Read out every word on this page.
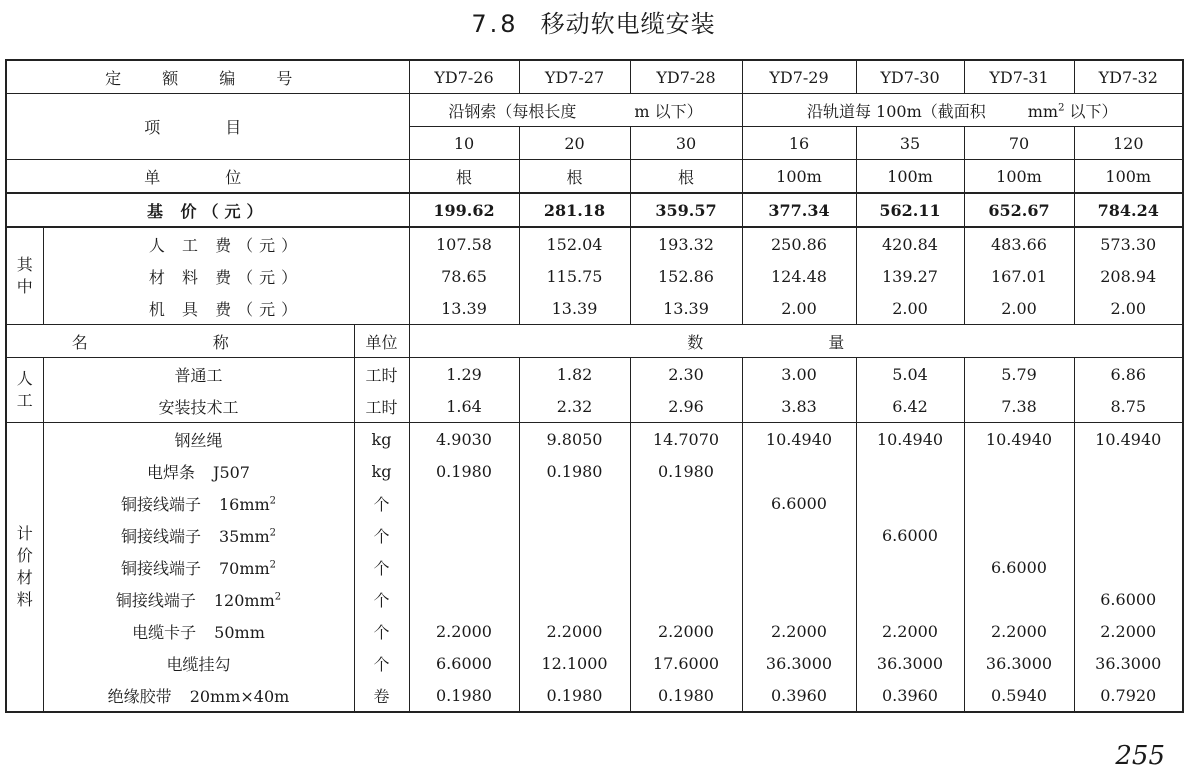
7.8 移动软电缆安装
定 额 编 号			YD7-26	YD7-27	YD7-28	YD7-29	YD7-30	YD7-31	YD7-32
项 目			沿钢索（每根长度 m 以下）			沿轨道每 100m（截面积 $mm^2$ 以下）			
			10	20	30	16	35	70	120
单 位			根	根	根	100m	100m	100m	100m
基 价（元）			199.62	281.18	359.57	377.34	562.11	652.67	784.24

其
中	人 工 费（元）		107.58	152.04	193.32	250.86	420.84	483.66	573.30
	材 料 费（元）		78.65	115.75	152.86	124.48	139.27	167.01	208.94
	机 具 费（元）		13.39	13.39	13.39	2.00	2.00	2.00	2.00
名 称		单位	数 量						

人
工	普通工	工时	1.29	1.82	2.30	3.00	5.04	5.79	6.86
	安装技术工	工时	1.64	2.32	2.96	3.83	6.42	7.38	8.75

计
价
材
料	钢丝绳	kg	4.9030	9.8050	14.7070	10.4940	10.4940	10.4940	10.4940
	电焊条 J507	kg	0.1980	0.1980	0.1980				
	铜接线端子 $16mm^2$	个				6.6000			
	铜接线端子 $35mm^2$	个					6.6000		
	铜接线端子 $70mm^2$	个						6.6000	
	铜接线端子 $120mm^2$	个							6.6000
	电缆卡子 50mm	个	2.2000	2.2000	2.2000	2.2000	2.2000	2.2000	2.2000
	电缆挂勾	个	6.6000	12.1000	17.6000	36.3000	36.3000	36.3000	36.3000
	绝缘胶带 20mm×40m	卷	0.1980	0.1980	0.1980	0.3960	0.3960	0.5940	0.7920
255
